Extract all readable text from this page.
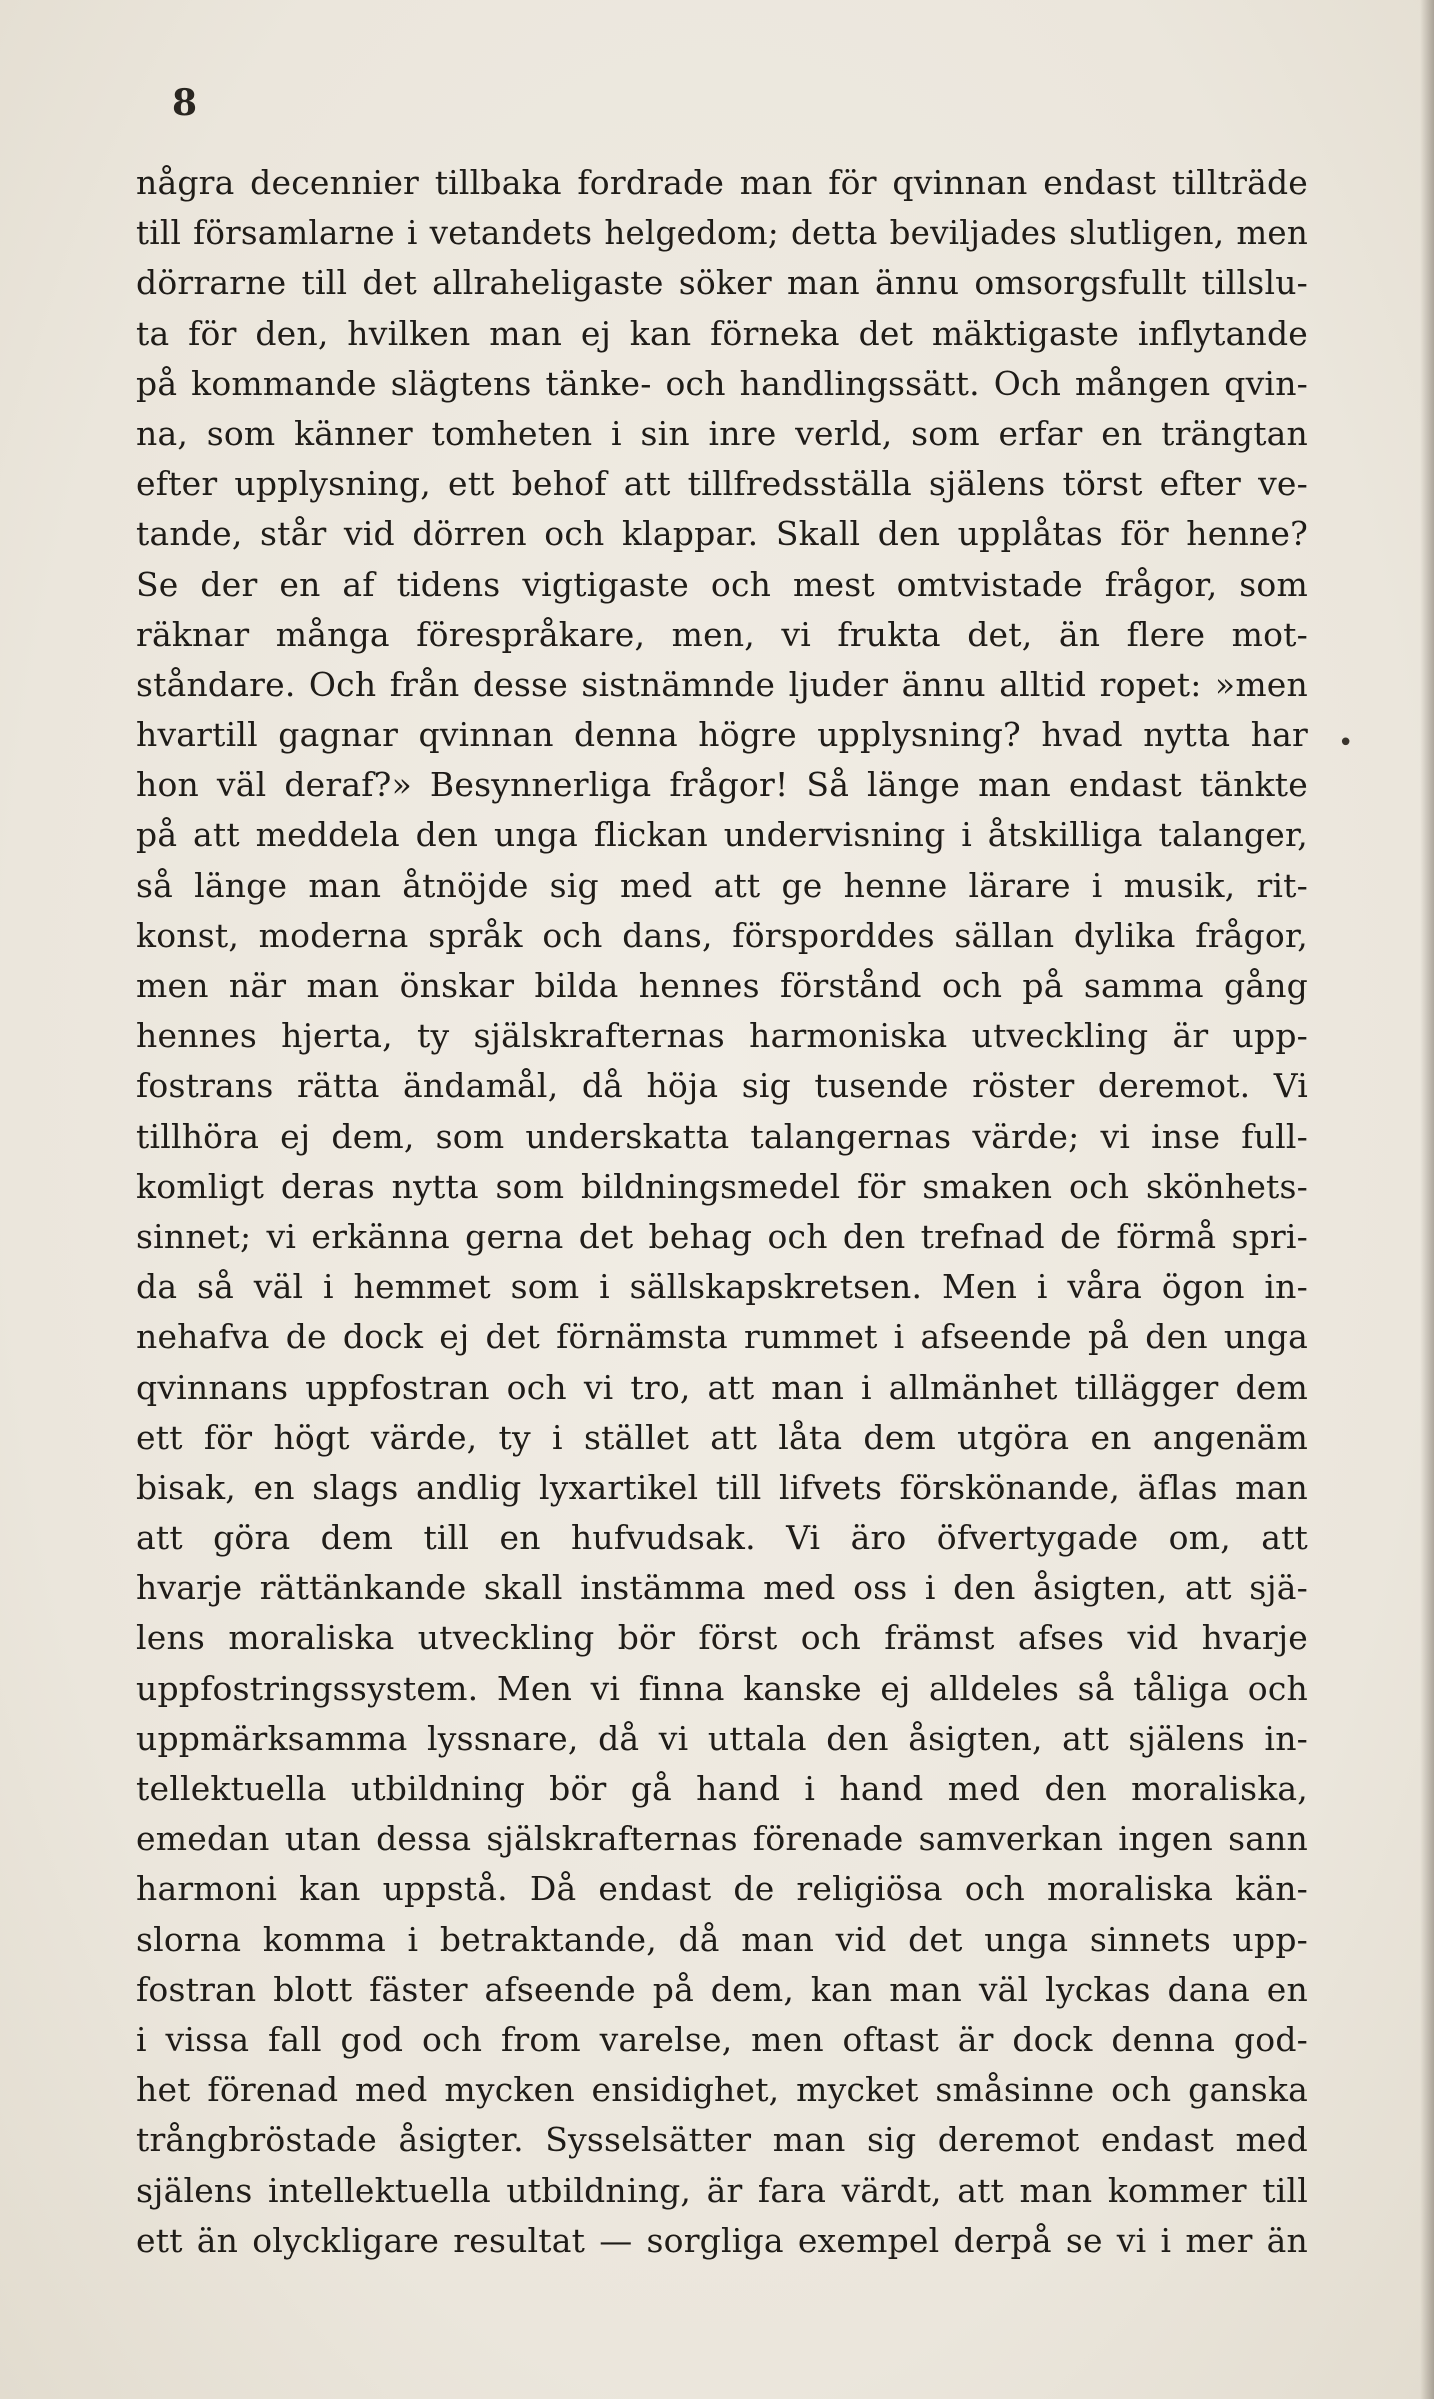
8
•
några decennier tillbaka fordrade man för qvinnan endast tillträde
till församlarne i vetandets helgedom; detta beviljades slutligen, men
dörrarne till det allraheligaste söker man ännu omsorgsfullt tillslu-
ta för den, hvilken man ej kan förneka det mäktigaste inflytande
på kommande slägtens tänke- och handlingssätt. Och mången qvin-
na, som känner tomheten i sin inre verld, som erfar en trängtan
efter upplysning, ett behof att tillfredsställa själens törst efter ve-
tande, står vid dörren och klappar. Skall den upplåtas för henne?
Se der en af tidens vigtigaste och mest omtvistade frågor, som
räknar många förespråkare, men, vi frukta det, än flere mot-
ståndare. Och från desse sistnämnde ljuder ännu alltid ropet: »men
hvartill gagnar qvinnan denna högre upplysning? hvad nytta har
hon väl deraf?» Besynnerliga frågor! Så länge man endast tänkte
på att meddela den unga flickan undervisning i åtskilliga talanger,
så länge man åtnöjde sig med att ge henne lärare i musik, rit-
konst, moderna språk och dans, försporddes sällan dylika frågor,
men när man önskar bilda hennes förstånd och på samma gång
hennes hjerta, ty själskrafternas harmoniska utveckling är upp-
fostrans rätta ändamål, då höja sig tusende röster deremot. Vi
tillhöra ej dem, som underskatta talangernas värde; vi inse full-
komligt deras nytta som bildningsmedel för smaken och skönhets-
sinnet; vi erkänna gerna det behag och den trefnad de förmå spri-
da så väl i hemmet som i sällskapskretsen. Men i våra ögon in-
nehafva de dock ej det förnämsta rummet i afseende på den unga
qvinnans uppfostran och vi tro, att man i allmänhet tillägger dem
ett för högt värde, ty i stället att låta dem utgöra en angenäm
bisak, en slags andlig lyxartikel till lifvets förskönande, äflas man
att göra dem till en hufvudsak. Vi äro öfvertygade om, att
hvarje rättänkande skall instämma med oss i den åsigten, att sjä-
lens moraliska utveckling bör först och främst afses vid hvarje
uppfostringssystem. Men vi finna kanske ej alldeles så tåliga och
uppmärksamma lyssnare, då vi uttala den åsigten, att själens in-
tellektuella utbildning bör gå hand i hand med den moraliska,
emedan utan dessa själskrafternas förenade samverkan ingen sann
harmoni kan uppstå. Då endast de religiösa och moraliska kän-
slorna komma i betraktande, då man vid det unga sinnets upp-
fostran blott fäster afseende på dem, kan man väl lyckas dana en
i vissa fall god och from varelse, men oftast är dock denna god-
het förenad med mycken ensidighet, mycket småsinne och ganska
trångbröstade åsigter. Sysselsätter man sig deremot endast med
själens intellektuella utbildning, är fara värdt, att man kommer till
ett än olyckligare resultat — sorgliga exempel derpå se vi i mer än
